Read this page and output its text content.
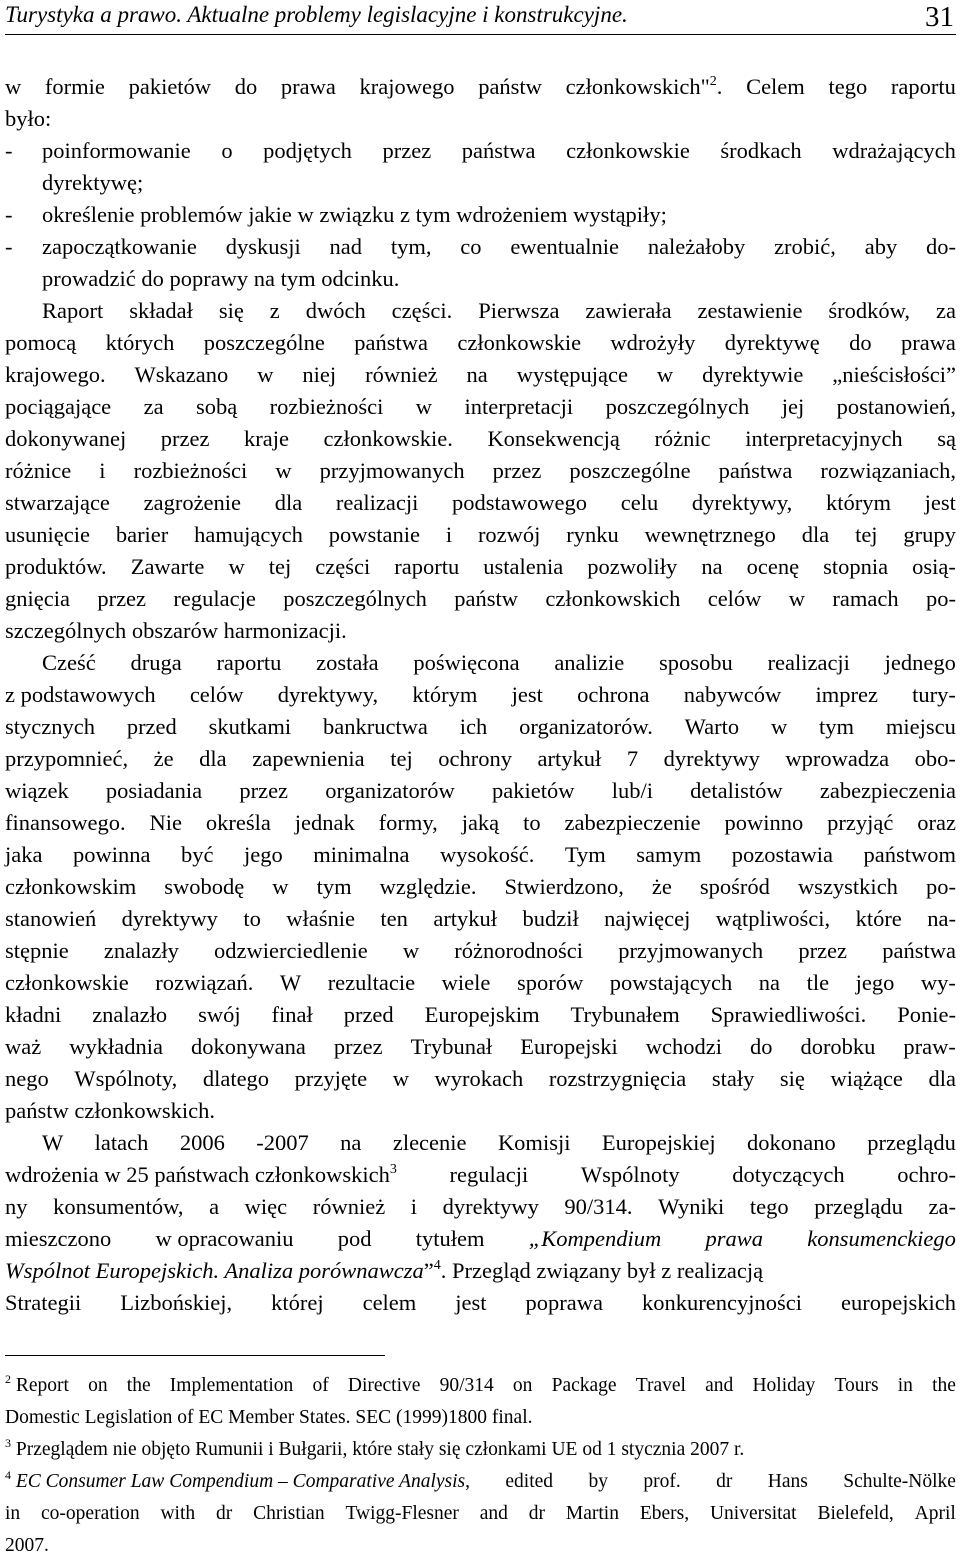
Turystyka a prawo. Aktualne problemy legislacyjne i konstrukcyjne.	31
w formie pakietów do prawa krajowego państw członkowskich"$^2$. Celem tego raportu
było:
-	poinformowanie o podjętych przez państwa członkowskie środkach wdrażających
dyrektywę;
-	określenie problemów jakie w związku z tym wdrożeniem wystąpiły;
-	zapoczątkowanie dyskusji nad tym, co ewentualnie należałoby zrobić, aby do-
prowadzić do poprawy na tym odcinku.
Raport składał się z dwóch części. Pierwsza zawierała zestawienie środków, za
pomocą których poszczególne państwa członkowskie wdrożyły dyrektywę do prawa
krajowego. Wskazano w niej również na występujące w dyrektywie „nieścisłości”
pociągające za sobą rozbieżności w interpretacji poszczególnych jej postanowień,
dokonywanej przez kraje członkowskie. Konsekwencją różnic interpretacyjnych są
różnice i rozbieżności w przyjmowanych przez poszczególne państwa rozwiązaniach,
stwarzające zagrożenie dla realizacji podstawowego celu dyrektywy, którym jest
usunięcie barier hamujących powstanie i rozwój rynku wewnętrznego dla tej grupy
produktów. Zawarte w tej części raportu ustalenia pozwoliły na ocenę stopnia osią-
gnięcia przez regulacje poszczególnych państw członkowskich celów w ramach po-
szczególnych obszarów harmonizacji.
Cześć druga raportu została poświęcona analizie sposobu realizacji jednego
z podstawowych celów dyrektywy, którym jest ochrona nabywców imprez tury-
stycznych przed skutkami bankructwa ich organizatorów. Warto w tym miejscu
przypomnieć, że dla zapewnienia tej ochrony artykuł 7 dyrektywy wprowadza obo-
wiązek posiadania przez organizatorów pakietów lub/i detalistów zabezpieczenia
finansowego. Nie określa jednak formy, jaką to zabezpieczenie powinno przyjąć oraz
jaka powinna być jego minimalna wysokość. Tym samym pozostawia państwom
członkowskim swobodę w tym względzie. Stwierdzono, że spośród wszystkich po-
stanowień dyrektywy to właśnie ten artykuł budził najwięcej wątpliwości, które na-
stępnie znalazły odzwierciedlenie w różnorodności przyjmowanych przez państwa
członkowskie rozwiązań. W rezultacie wiele sporów powstających na tle jego wy-
kładni znalazło swój finał przed Europejskim Trybunałem Sprawiedliwości. Ponie-
waż wykładnia dokonywana przez Trybunał Europejski wchodzi do dorobku praw-
nego Wspólnoty, dlatego przyjęte w wyrokach rozstrzygnięcia stały się wiążące dla
państw członkowskich.
W latach 2006 -2007 na zlecenie Komisji Europejskiej dokonano przeglądu
wdrożenia w 25 państwach członkowskich$^3$ regulacji Wspólnoty dotyczących ochro-
ny konsumentów, a więc również i dyrektywy 90/314. Wyniki tego przeglądu za-
mieszczono w opracowaniu pod tytułem „Kompendium prawa konsumenckiego
Wspólnot Europejskich. Analiza porównawcza”$^4$. Przegląd związany był z realizacją
Strategii Lizbońskiej, której celem jest poprawa konkurencyjności europejskich
$^2$ Report on the Implementation of Directive 90/314 on Package Travel and Holiday Tours in the
Domestic Legislation of EC Member States. SEC (1999)1800 final.
$^3$ Przeglądem nie objęto Rumunii i Bułgarii, które stały się członkami UE od 1 stycznia 2007 r.
$^4$ EC Consumer Law Compendium – Comparative Analysis, edited by prof. dr Hans Schulte-Nölke
in co-operation with dr Christian Twigg-Flesner and dr Martin Ebers, Universitat Bielefeld, April
2007.
